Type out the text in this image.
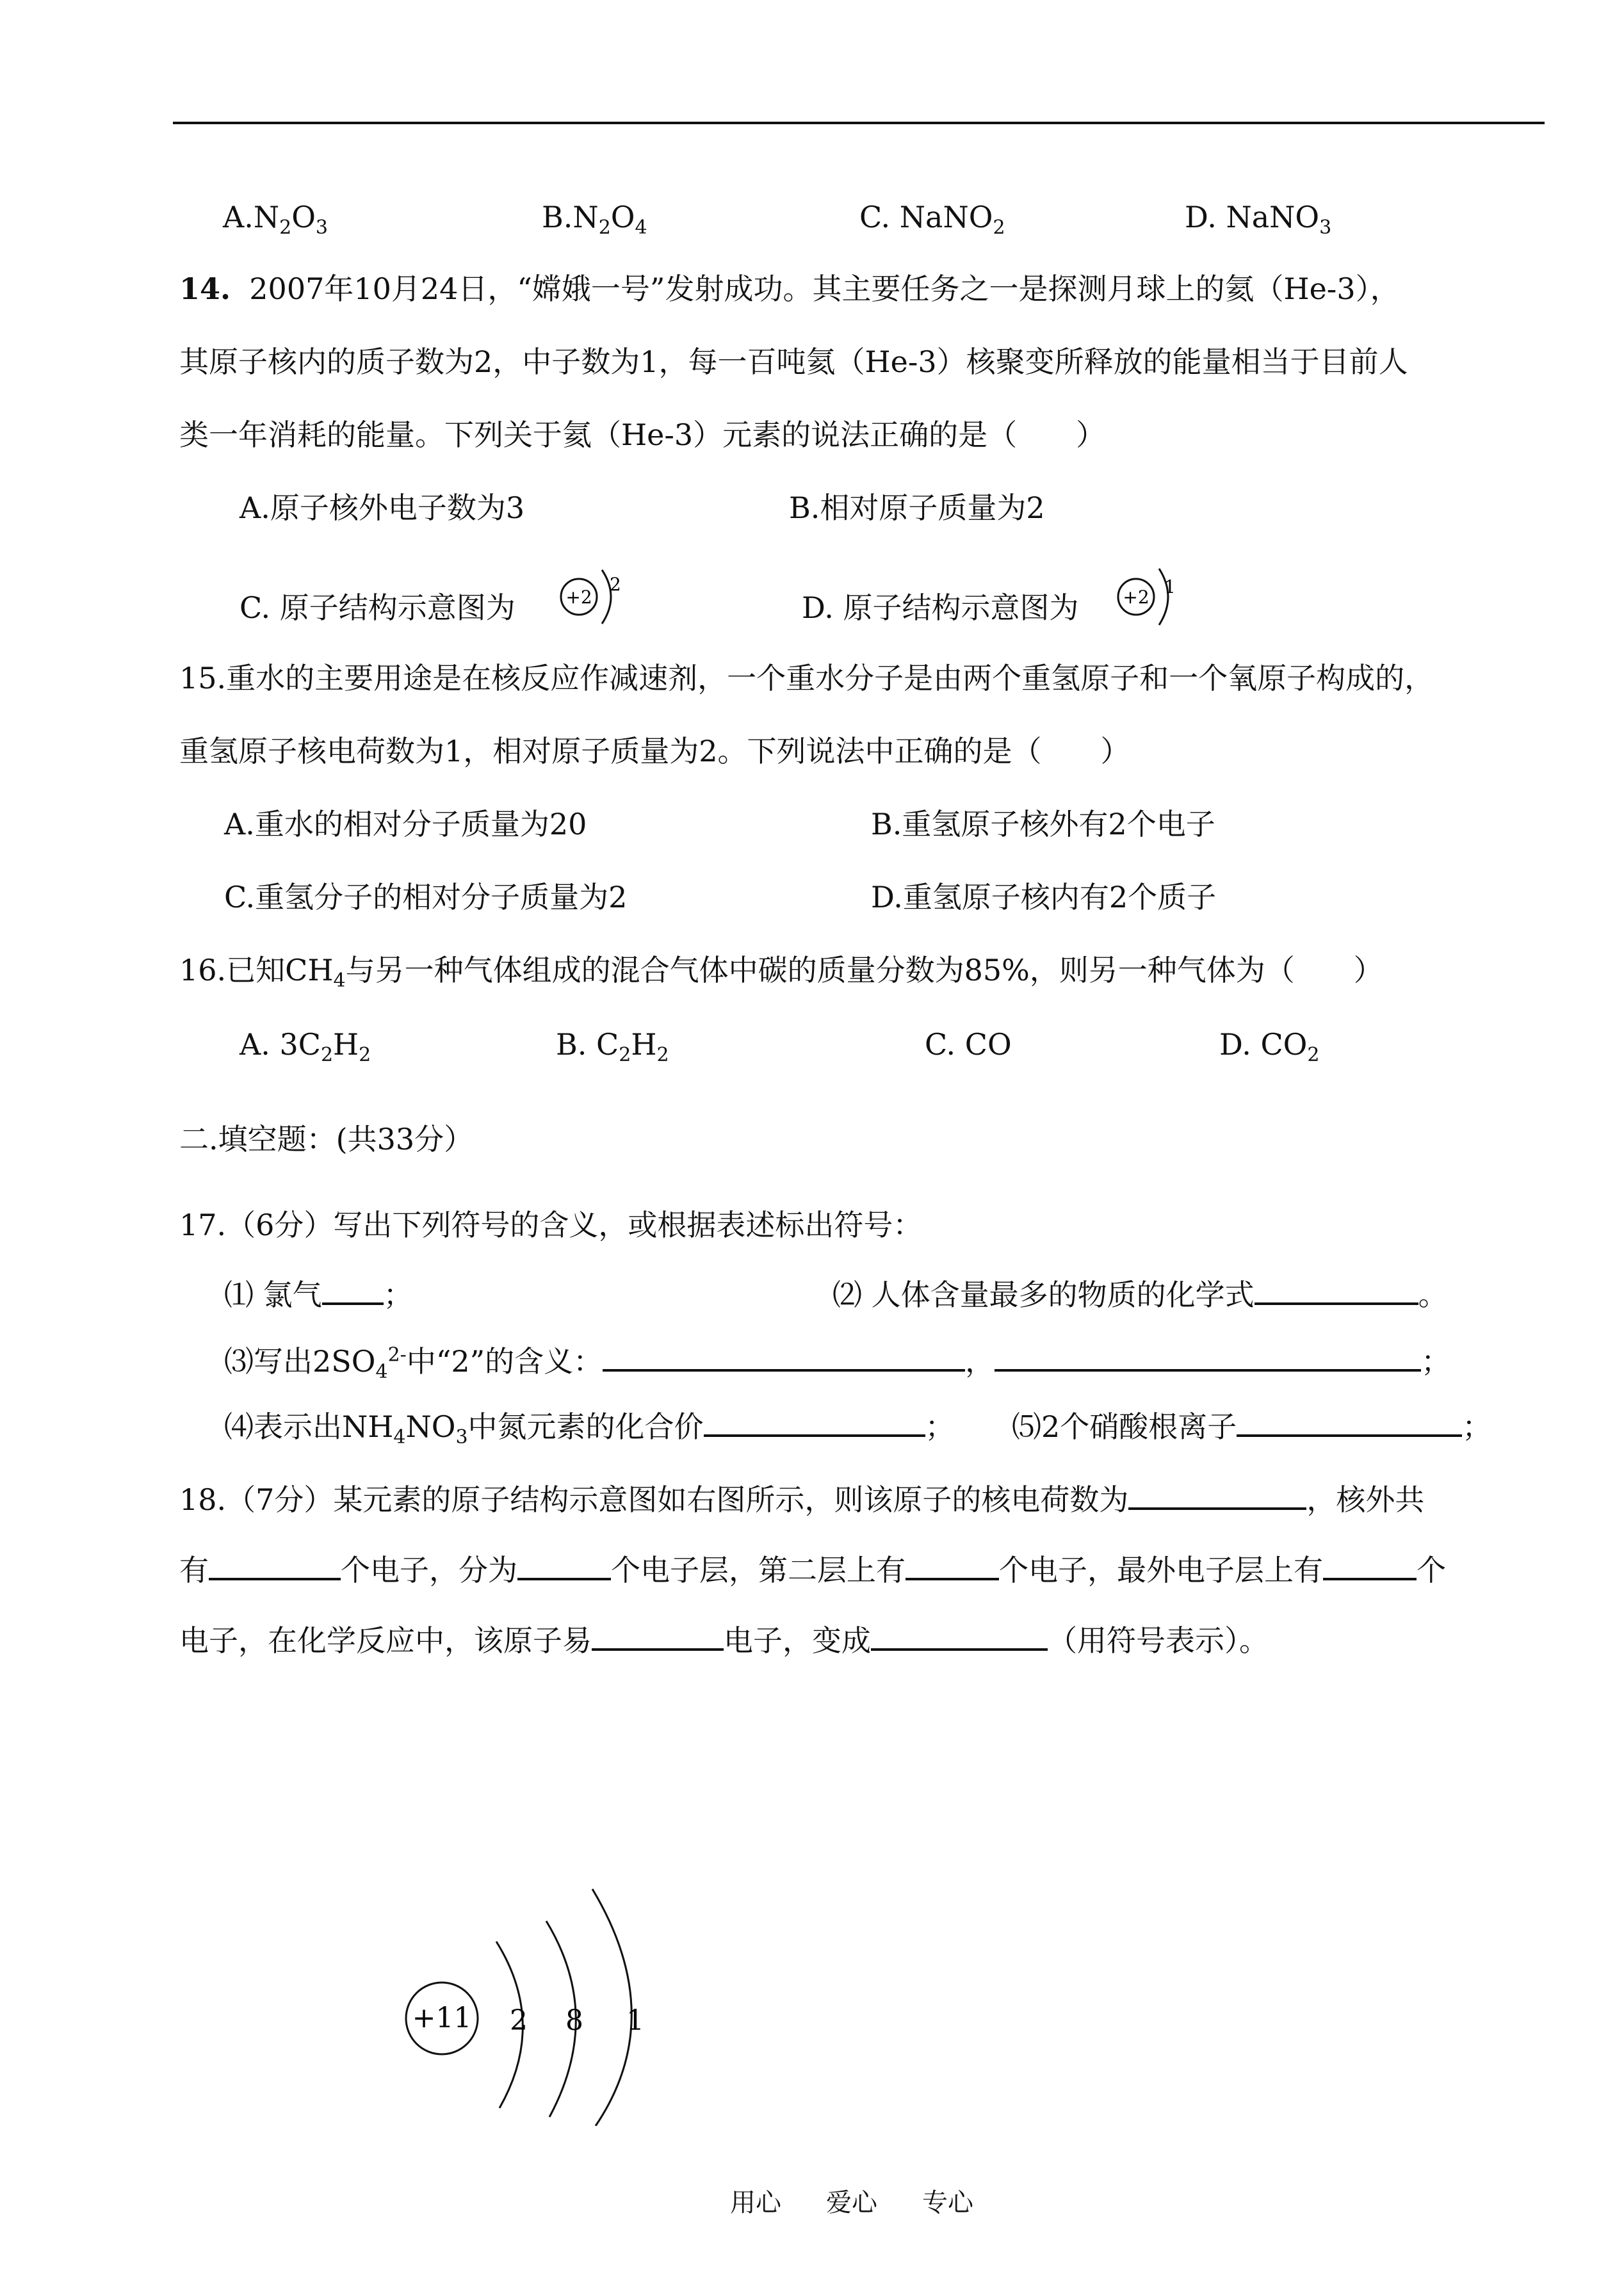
$A.N_2O_3$	$B.N_2O_4$	C. NaNO$_2$	D. NaNO$_3$
14. 2007年10月24日，“嫦娥一号”发射成功。其主要任务之一是探测月球上的氦（He-3），
其原子核内的质子数为2，中子数为1，每一百吨氦（He-3）核聚变所释放的能量相当于目前人
类一年消耗的能量。下列关于氦（He-3）元素的说法正确的是（　　）
A.原子核外电子数为3	B.相对原子质量为2
C. 原子结构示意图为	D. 原子结构示意图为
+2
2
+2 1
15.重水的主要用途是在核反应作减速剂，一个重水分子是由两个重氢原子和一个氧原子构成的，
重氢原子核电荷数为1，相对原子质量为2。下列说法中正确的是（　　）
A.重水的相对分子质量为20	B.重氢原子核外有2个电子
C.重氢分子的相对分子质量为2	D.重氢原子核内有2个质子
16.已知$CH_4$与另一种气体组成的混合气体中碳的质量分数为85%，则另一种气体为（　　）
A. $3C_2H_2$	B. $C_2H_2$	C. CO	D. $CO_2$
二.填空题：(共33分）
17.（6分）写出下列符号的含义，或根据表述标出符号：
⑴ 氯气 ；	⑵ 人体含量最多的物质的化学式	。
⑶写出$2SO_4^{2-}$中“2”的含义：	，	；
⑷表示出$NH_4NO_3$中氮元素的化合价	； ⑸2个硝酸根离子	；
18.（7分）某元素的原子结构示意图如右图所示，则该原子的核电荷数为	，核外共
有	个电子，分为	个电子层，第二层上有	个电子，最外电子层上有	个
电子，在化学反应中，该原子易	电子，变成	（用符号表示）。
+11 2 8 1
用心 爱心 专心
